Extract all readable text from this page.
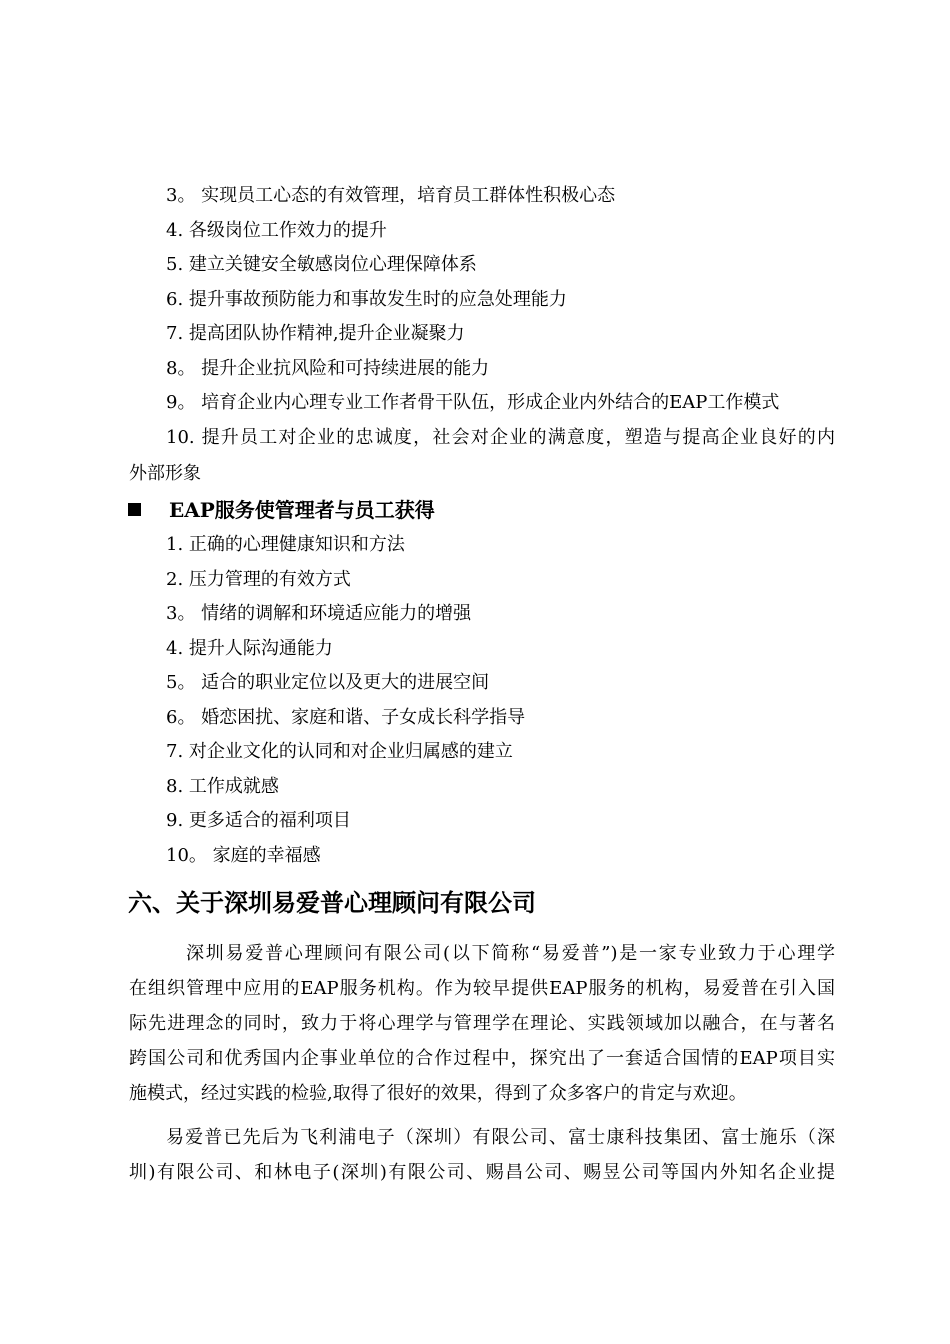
3。 实现员工心态的有效管理，培育员工群体性积极心态
4. 各级岗位工作效力的提升
5. 建立关键安全敏感岗位心理保障体系
6. 提升事故预防能力和事故发生时的应急处理能力
7. 提高团队协作精神,提升企业凝聚力
8。 提升企业抗风险和可持续进展的能力
9。 培育企业内心理专业工作者骨干队伍，形成企业内外结合的EAP工作模式
10. 提升员工对企业的忠诚度，社会对企业的满意度，塑造与提高企业良好的内
外部形象
EAP服务使管理者与员工获得
1. 正确的心理健康知识和方法
2. 压力管理的有效方式
3。 情绪的调解和环境适应能力的增强
4. 提升人际沟通能力
5。 适合的职业定位以及更大的进展空间
6。 婚恋困扰、家庭和谐、子女成长科学指导
7. 对企业文化的认同和对企业归属感的建立
8. 工作成就感
9. 更多适合的福利项目
10。 家庭的幸福感
六、关于深圳易爱普心理顾问有限公司
深圳易爱普心理顾问有限公司(以下简称“易爱普”)是一家专业致力于心理学
在组织管理中应用的EAP服务机构。作为较早提供EAP服务的机构，易爱普在引入国
际先进理念的同时，致力于将心理学与管理学在理论、实践领域加以融合，在与著名
跨国公司和优秀国内企事业单位的合作过程中，探究出了一套适合国情的EAP项目实
施模式，经过实践的检验,取得了很好的效果，得到了众多客户的肯定与欢迎。
易爱普已先后为飞利浦电子（深圳）有限公司、富士康科技集团、富士施乐（深
圳)有限公司、和林电子(深圳)有限公司、赐昌公司、赐昱公司等国内外知名企业提
